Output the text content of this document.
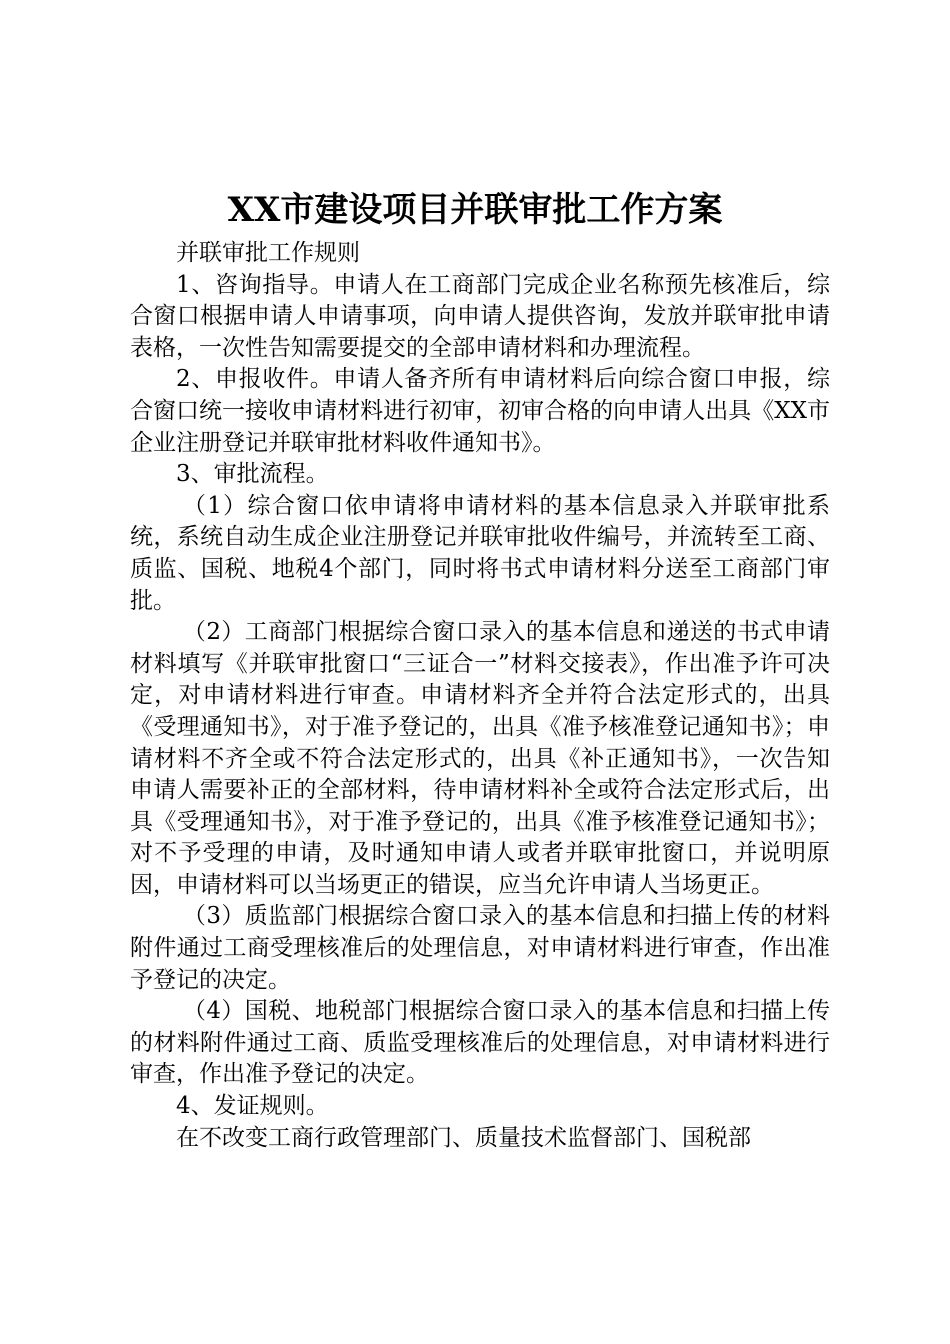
XX市建设项目并联审批工作方案

并联审批工作规则

1、咨询指导。申请人在工商部门完成企业名称预先核准后，综合窗口根据申请人申请事项，向申请人提供咨询，发放并联审批申请表格，一次性告知需要提交的全部申请材料和办理流程。

2、申报收件。申请人备齐所有申请材料后向综合窗口申报，综合窗口统一接收申请材料进行初审，初审合格的向申请人出具《XX市企业注册登记并联审批材料收件通知书》。

3、审批流程。

（1）综合窗口依申请将申请材料的基本信息录入并联审批系统，系统自动生成企业注册登记并联审批收件编号，并流转至工商、质监、国税、地税4个部门，同时将书式申请材料分送至工商部门审批。

（2）工商部门根据综合窗口录入的基本信息和递送的书式申请材料填写《并联审批窗口“三证合一”材料交接表》，作出准予许可决定，对申请材料进行审查。申请材料齐全并符合法定形式的，出具《受理通知书》，对于准予登记的，出具《准予核准登记通知书》；申请材料不齐全或不符合法定形式的，出具《补正通知书》，一次告知申请人需要补正的全部材料，待申请材料补全或符合法定形式后，出具《受理通知书》，对于准予登记的，出具《准予核准登记通知书》；对不予受理的申请，及时通知申请人或者并联审批窗口，并说明原因，申请材料可以当场更正的错误，应当允许申请人当场更正。

（3）质监部门根据综合窗口录入的基本信息和扫描上传的材料附件通过工商受理核准后的处理信息，对申请材料进行审查，作出准予登记的决定。

（4）国税、地税部门根据综合窗口录入的基本信息和扫描上传的材料附件通过工商、质监受理核准后的处理信息，对申请材料进行审查，作出准予登记的决定。

4、发证规则。

在不改变工商行政管理部门、质量技术监督部门、国税部
